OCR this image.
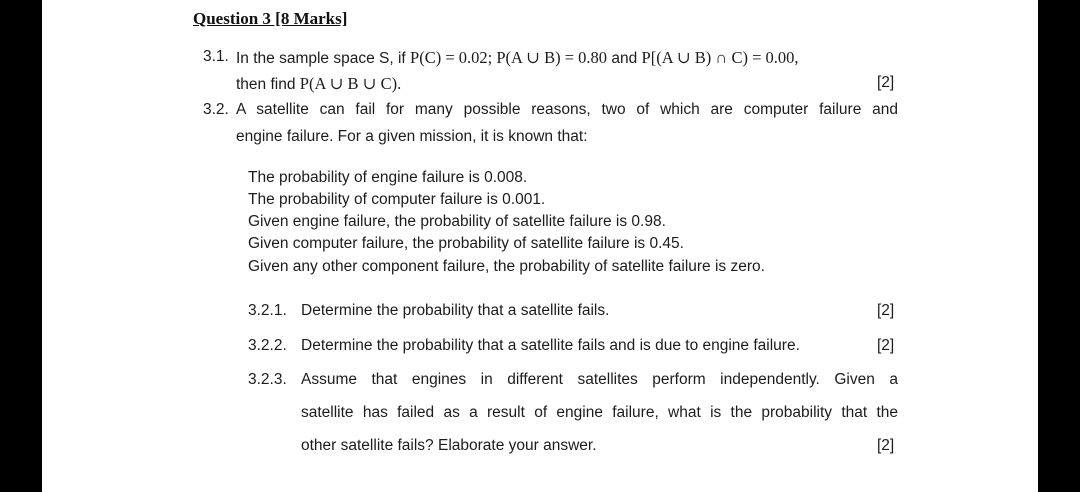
Question 3 [8 Marks]
3.1. In the sample space S, if P(C) = 0.02; P(A ∪ B) = 0.80 and P[(A ∪ B) ∩ C) = 0.00,
then find P(A ∪ B ∪ C).	[2]
3.2. A satellite can fail for many possible reasons, two of which are computer failure and
engine failure. For a given mission, it is known that:
The probability of engine failure is 0.008.
The probability of computer failure is 0.001.
Given engine failure, the probability of satellite failure is 0.98.
Given computer failure, the probability of satellite failure is 0.45.
Given any other component failure, the probability of satellite failure is zero.
3.2.1. Determine the probability that a satellite fails.	[2]
3.2.2. Determine the probability that a satellite fails and is due to engine failure.	[2]
3.2.3. Assume that engines in different satellites perform independently. Given a
satellite has failed as a result of engine failure, what is the probability that the
other satellite fails? Elaborate your answer.	[2]
